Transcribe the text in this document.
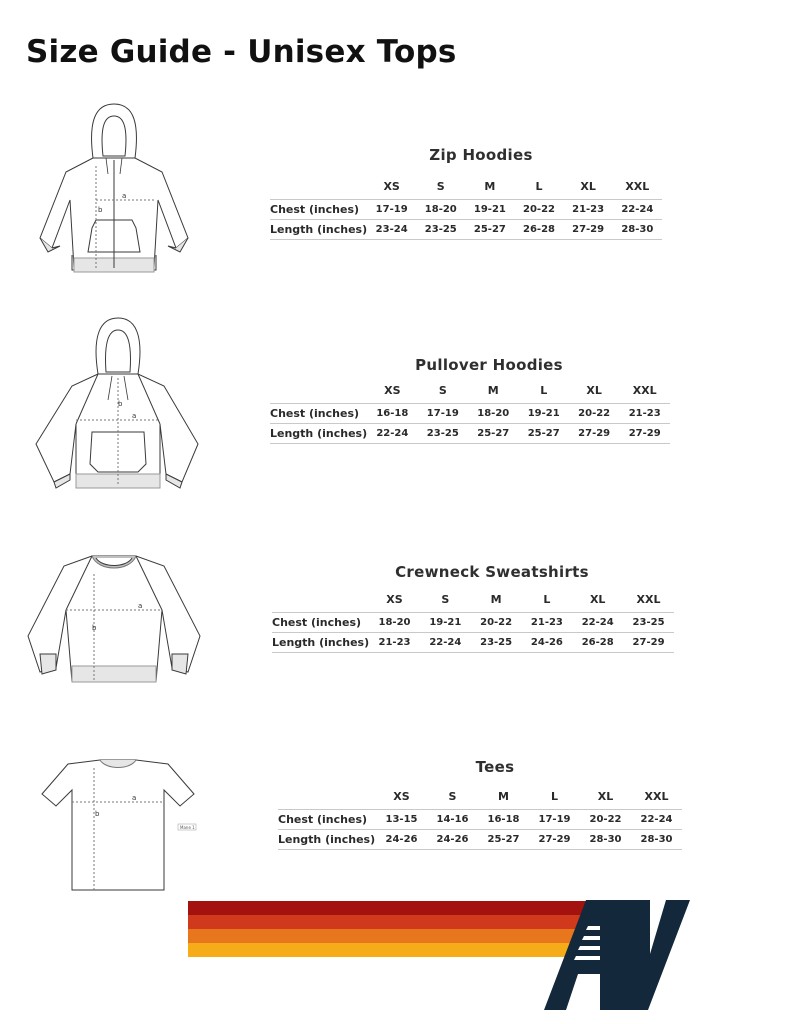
Size Guide - Unisex Tops
a
b
a
b
a
b
a
b
Mane 1
Zip Hoodies
Pullover Hoodies
Crewneck Sweatshirts
Tees
	XS	S	M	L	XL	XXL
Chest (inches)	17-19	18-20	19-21	20-22	21-23	22-24
Length (inches)	23-24	23-25	25-27	26-28	27-29	28-30
	XS	S	M	L	XL	XXL
Chest (inches)	16-18	17-19	18-20	19-21	20-22	21-23
Length (inches)	22-24	23-25	25-27	25-27	27-29	27-29
	XS	S	M	L	XL	XXL
Chest (inches)	18-20	19-21	20-22	21-23	22-24	23-25
Length (inches)	21-23	22-24	23-25	24-26	26-28	27-29
	XS	S	M	L	XL	XXL
Chest (inches)	13-15	14-16	16-18	17-19	20-22	22-24
Length (inches)	24-26	24-26	25-27	27-29	28-30	28-30
